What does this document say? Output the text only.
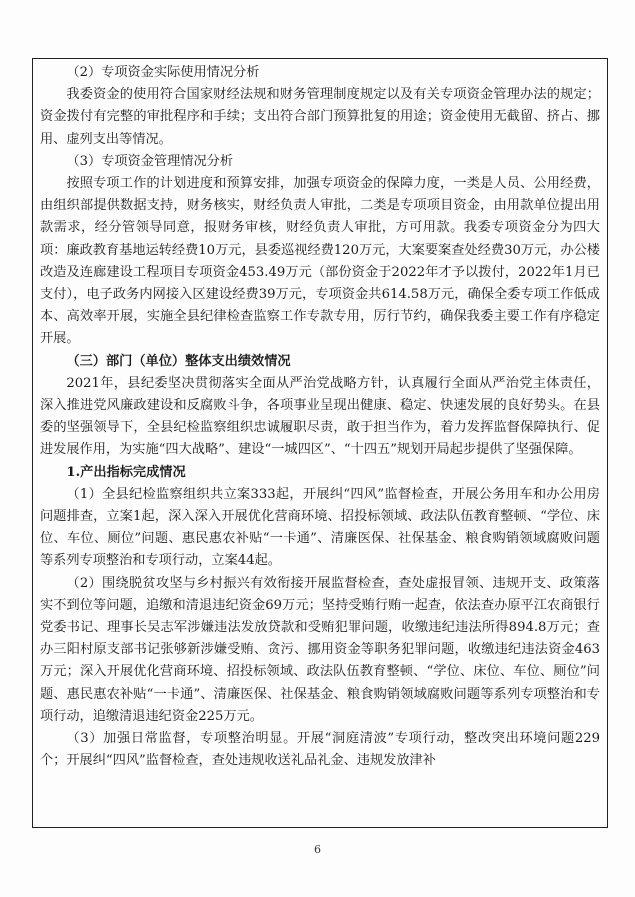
（2）专项资金实际使用情况分析

我委资金的使用符合国家财经法规和财务管理制度规定以及有关专项资金管理办法的规定；资金拨付有完整的审批程序和手续；支出符合部门预算批复的用途；资金使用无截留、挤占、挪用、虚列支出等情况。

（3）专项资金管理情况分析

按照专项工作的计划进度和预算安排，加强专项资金的保障力度，一类是人员、公用经费，由组织部提供数据支持，财务核实，财经负责人审批，二类是专项项目资金，由用款单位提出用款需求，经分管领导同意，报财务审核，财经负责人审批，方可用款。我委专项资金分为四大项：廉政教育基地运转经费10万元，县委巡视经费120万元，大案要案查处经费30万元，办公楼改造及连廊建设工程项目专项资金453.49万元（部份资金于2022年才予以拨付，2022年1月已支付），电子政务内网接入区建设经费39万元，专项资金共614.58万元，确保全委专项工作低成本、高效率开展，实施全县纪律检查监察工作专款专用，厉行节约，确保我委主要工作有序稳定开展。

（三）部门（单位）整体支出绩效情况

2021年，县纪委坚决贯彻落实全面从严治党战略方针，认真履行全面从严治党主体责任，深入推进党风廉政建设和反腐败斗争，各项事业呈现出健康、稳定、快速发展的良好势头。在县委的坚强领导下，全县纪检监察组织忠诚履职尽责，敢于担当作为，着力发挥监督保障执行、促进发展作用，为实施“四大战略”、建设“一城四区”、“十四五”规划开局起步提供了坚强保障。

1.产出指标完成情况

（1）全县纪检监察组织共立案333起，开展纠“四风”监督检查，开展公务用车和办公用房问题排查，立案1起，深入深入开展优化营商环境、招投标领域、政法队伍教育整顿、“学位、床位、车位、厕位”问题、惠民惠农补贴“一卡通”、清廉医保、社保基金、粮食购销领域腐败问题等系列专项整治和专项行动，立案44起。

（2）围绕脱贫攻坚与乡村振兴有效衔接开展监督检查，查处虚报冒领、违规开支、政策落实不到位等问题，追缴和清退违纪资金69万元；坚持受贿行贿一起查，依法查办原平江农商银行党委书记、理事长吴志军涉嫌违法发放贷款和受贿犯罪问题，收缴违纪违法所得894.8万元；查办三阳村原支部书记张够新涉嫌受贿、贪污、挪用资金等职务犯罪问题，收缴违纪违法资金463万元；深入开展优化营商环境、招投标领域、政法队伍教育整顿、“学位、床位、车位、厕位”问题、惠民惠农补贴“一卡通”、清廉医保、社保基金、粮食购销领域腐败问题等系列专项整治和专项行动，追缴清退违纪资金225万元。

（3）加强日常监督，专项整治明显。开展“洞庭清波”专项行动，整改突出环境问题229个；开展纠“四风”监督检查，查处违规收送礼品礼金、违规发放津补

6
